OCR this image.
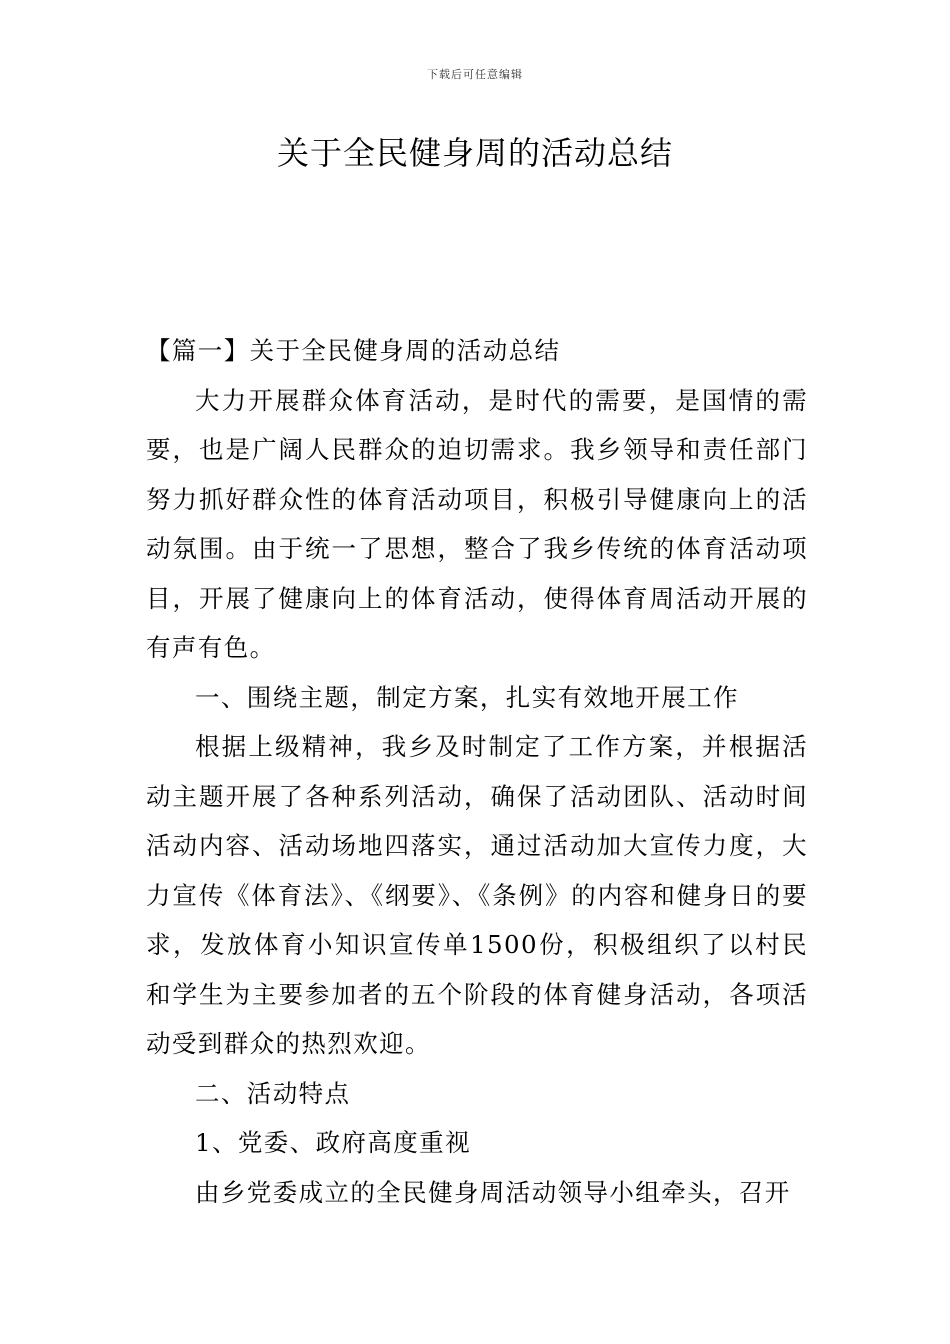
下载后可任意编辑
关于全民健身周的活动总结

【篇一】关于全民健身周的活动总结

大力开展群众体育活动，是时代的需要，是国情的需要，也是广阔人民群众的迫切需求。我乡领导和责任部门努力抓好群众性的体育活动项目，积极引导健康向上的活动氛围。由于统一了思想，整合了我乡传统的体育活动项目，开展了健康向上的体育活动，使得体育周活动开展的有声有色。

一、围绕主题，制定方案，扎实有效地开展工作

根据上级精神，我乡及时制定了工作方案，并根据活动主题开展了各种系列活动，确保了活动团队、活动时间活动内容、活动场地四落实，通过活动加大宣传力度，大力宣传《体育法》、《纲要》、《条例》的内容和健身日的要求，发放体育小知识宣传单1500份，积极组织了以村民和学生为主要参加者的五个阶段的体育健身活动，各项活动受到群众的热烈欢迎。

二、活动特点

1、党委、政府高度重视

由乡党委成立的全民健身周活动领导小组牵头，召开
